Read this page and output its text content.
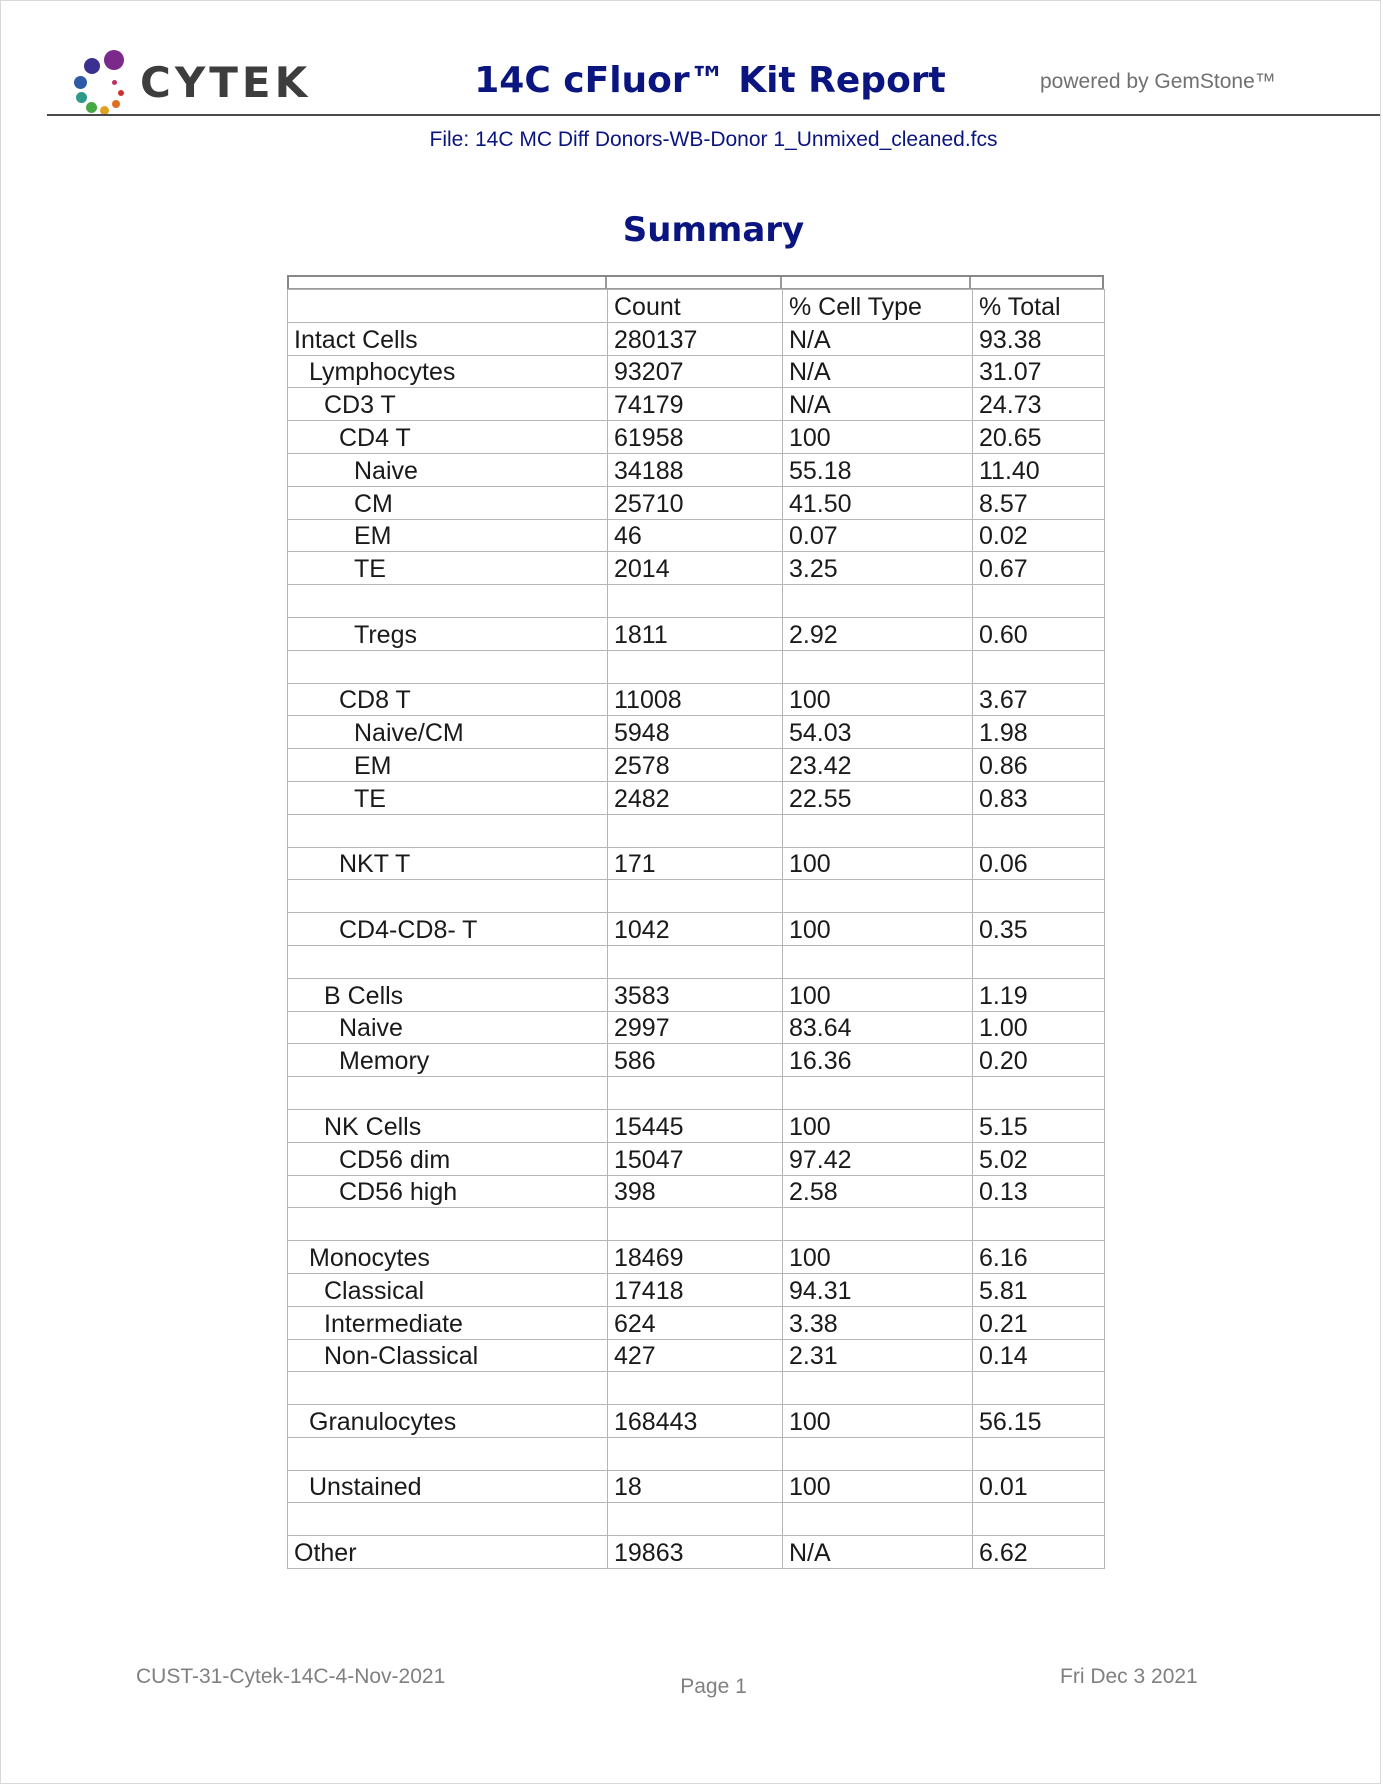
CYTEK	14C cFluor™ Kit Report	powered by GemStone™
File: 14C MC Diff Donors-WB-Donor 1_Unmixed_cleaned.fcs
Summary
	Count	% Cell Type	% Total
Intact Cells	280137	N/A	93.38
Lymphocytes	93207	N/A	31.07
CD3 T	74179	N/A	24.73
CD4 T	61958	100	20.65
Naive	34188	55.18	11.40
CM	25710	41.50	8.57
EM	46	0.07	0.02
TE	2014	3.25	0.67

Tregs	1811	2.92	0.60

CD8 T	11008	100	3.67
Naive/CM	5948	54.03	1.98
EM	2578	23.42	0.86
TE	2482	22.55	0.83

NKT T	171	100	0.06

CD4-CD8- T	1042	100	0.35

B Cells	3583	100	1.19
Naive	2997	83.64	1.00
Memory	586	16.36	0.20

NK Cells	15445	100	5.15
CD56 dim	15047	97.42	5.02
CD56 high	398	2.58	0.13

Monocytes	18469	100	6.16
Classical	17418	94.31	5.81
Intermediate	624	3.38	0.21
Non-Classical	427	2.31	0.14

Granulocytes	168443	100	56.15

Unstained	18	100	0.01

Other	19863	N/A	6.62
CUST-31-Cytek-14C-4-Nov-2021	Page 1	Fri Dec 3 2021
